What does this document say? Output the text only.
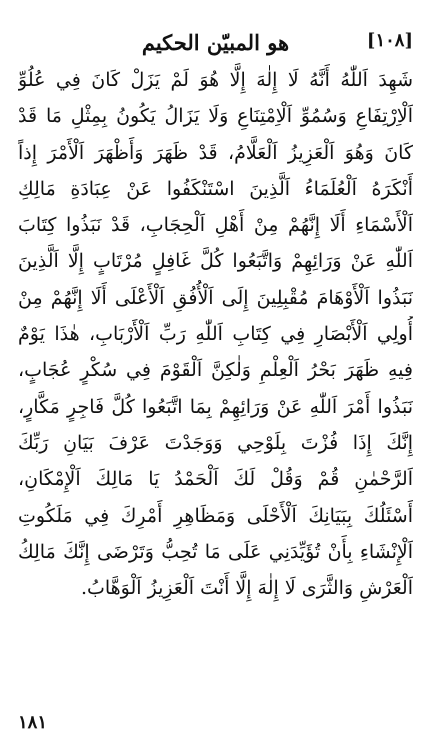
[١٠٨]
هو المبيّن الحكيم
شَهِدَ اَللّٰهُ أَنَّهُ لَا إِلٰهَ إِلَّا هُوَ لَمْ يَزَلْ كَانَ فِي عُلُوِّ
اَلْاِرْتِفَاعِ وَسُمُوِّ اَلْاِمْتِنَاعِ وَلَا يَزَالُ يَكُونُ بِمِثْلِ مَا قَدْ
كَانَ وَهُوَ اَلْعَزِيزُ اَلْعَلَّامُ، قَدْ ظَهَرَ وَأَظْهَرَ اَلْأَمْرَ إِذاً
أَنْكَرَهُ اَلْعُلَمَاءُ اَلَّذِينَ اسْتَنْكَفُوا عَنْ عِبَادَةِ مَالِكِ
اَلْأَسْمَاءِ أَلَا إِنَّهُمْ مِنْ أَهْلِ اَلْحِجَابِ، قَدْ نَبَذُوا كِتَابَ
اَللّٰهِ عَنْ وَرَائِهِمْ وَاتَّبَعُوا كُلَّ غَافِلٍ مُرْتَابٍ إِلَّا اَلَّذِينَ
نَبَذُوا اَلْأَوْهَامَ مُقْبِلِينَ إِلَى اَلْأُفُقِ اَلْأَعْلَى أَلَا إِنَّهُمْ مِنْ
أُولِي اَلْأَبْصَارِ فِي كِتَابِ اَللّٰهِ رَبِّ اَلْأَرْبَابِ، هٰذَا يَوْمٌ
فِيهِ ظَهَرَ بَحْرُ اَلْعِلْمِ وَلٰكِنَّ اَلْقَوْمَ فِي سُكْرٍ عُجَابٍ،
نَبَذُوا أَمْرَ اَللّٰهِ عَنْ وَرَائِهِمْ بِمَا اتَّبَعُوا كُلَّ فَاجِرٍ مَكَّارٍ،
إِنَّكَ إِذَا فُزْتَ بِلَوْحِي وَوَجَدْتَ عَرْفَ بَيَانِ رَبِّكَ
اَلرَّحْمٰنِ قُمْ وَقُلْ لَكَ اَلْحَمْدُ يَا مَالِكَ اَلْإِمْكَانِ،
أَسْئَلُكَ بِبَيَانِكَ اَلْأَحْلَى وَمَظَاهِرِ أَمْرِكَ فِي مَلَكُوتِ
اَلْإِنْشَاءِ بِأَنْ تُؤَيِّدَنِي عَلَى مَا تُحِبُّ وَتَرْضَى إِنَّكَ مَالِكُ
اَلْعَرْشِ وَالثَّرَى لَا إِلٰهَ إِلَّا أَنْتَ اَلْعَزِيزُ اَلْوَهَّابُ.
١٨١
